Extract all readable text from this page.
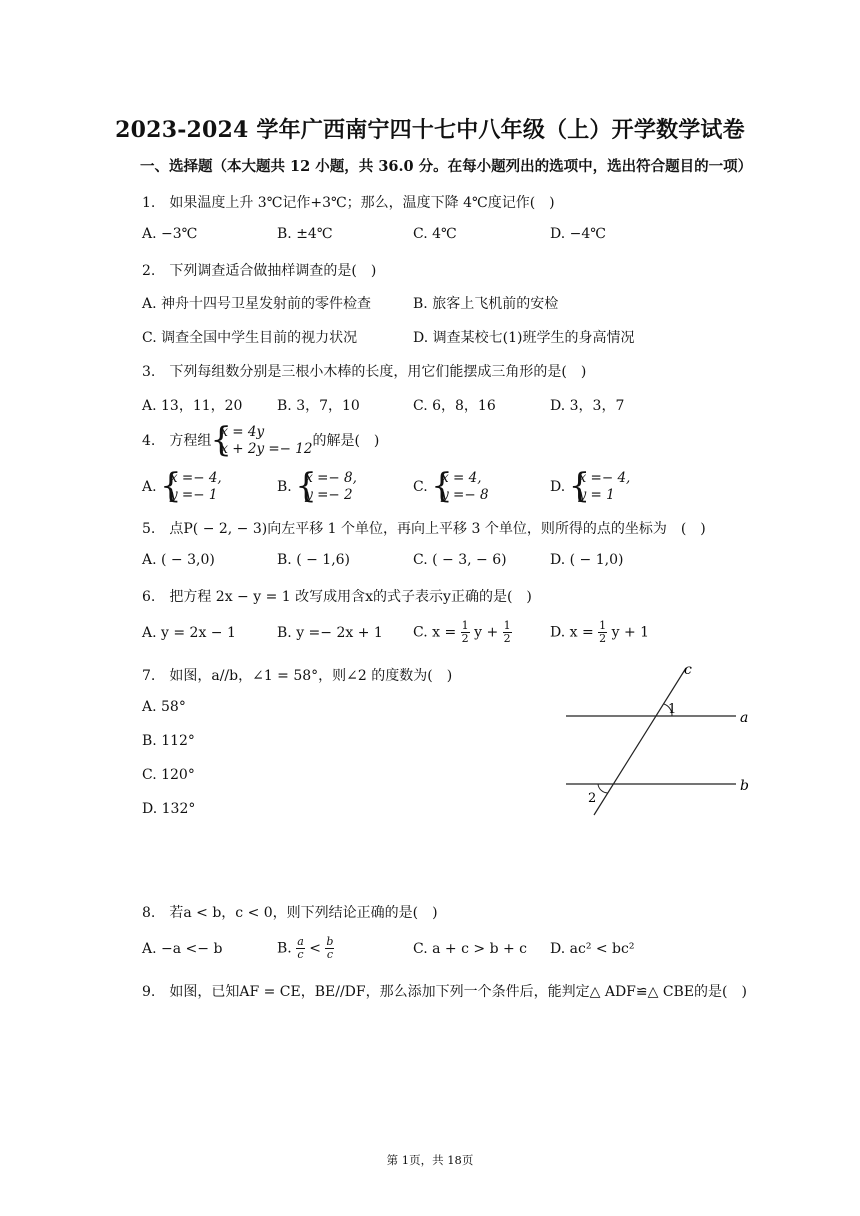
2023-2024 学年广西南宁四十七中八年级（上）开学数学试卷
一、选择题（本大题共 12 小题，共 36.0 分。在每小题列出的选项中，选出符合题目的一项）
1.　如果温度上升 3℃记作+3℃；那么，温度下降 4℃度记作(　)
A. −3℃	B. ±4℃	C. 4℃	D. −4℃
2.　下列调查适合做抽样调查的是(　)
A. 神舟十四号卫星发射前的零件检查	B. 旅客上飞机前的安检
C. 调查全国中学生目前的视力状况	D. 调查某校七(1)班学生的身高情况
3.　下列每组数分别是三根小木棒的长度，用它们能摆成三角形的是(　)
A. 13，11，20 B. 3，7，10	C. 6，8，16	D. 3，3，7
4.　方程组
{ x = 4y
x + 2y =− 12 的解是(　)
A.
{ x =− 4,
y =− 1	B.
{ x =− 8,
y =− 2	C.
{ x = 4,
y =− 8	D.
{ x =− 4,
y = 1
5.　点P( − 2, − 3)向左平移 1 个单位，再向上平移 3 个单位，则所得的点的坐标为　(　)
A. ( − 3,0)	B. ( − 1,6)	C. ( − 3, − 6)	D. ( − 1,0)
6.　把方程 2x − y = 1 改写成用含x的式子表示y正确的是(　)
A. y = 2x − 1	B. y =− 2x + 1 C. $x = \frac{1}{2}$ $y + \frac{1}{2}$	D. $x = \frac{1}{2}$ y + 1
7.　如图，a//b，∠1 = 58°，则∠2 的度数为(　)
A. 58°
B. 112°
C. 120°
D. 132°
c
1
a
b
2
8.　若a < b，c < 0，则下列结论正确的是(　)
A. −a <− b	B. $\frac{a}{c} < \frac{b}{c}$	C. a + c > b + c D. ac² < bc²
9.　如图，已知AF = CE，BE//DF，那么添加下列一个条件后，能判定△ ADF≌△ CBE的是(　)
第 1页，共 18页
